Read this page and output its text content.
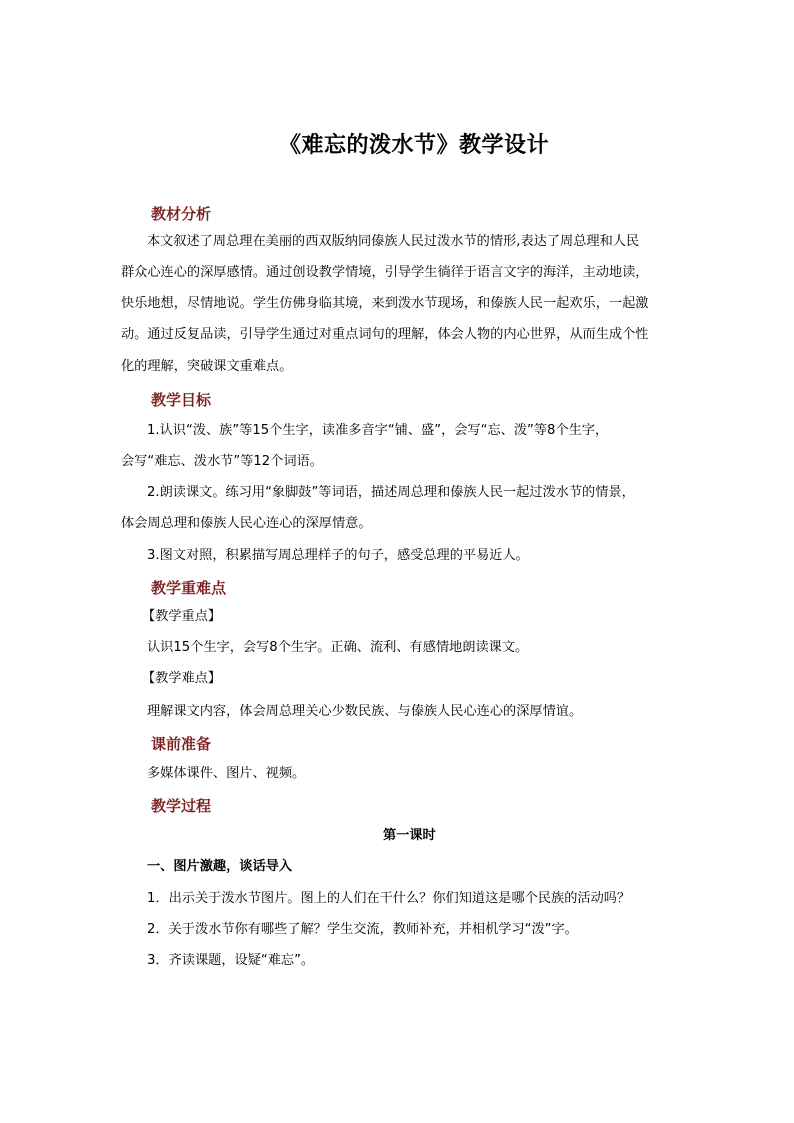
《难忘的泼水节》教学设计
教材分析
本文叙述了周总理在美丽的西双版纳同傣族人民过泼水节的情形,表达了周总理和人民
群众心连心的深厚感情。通过创设教学情境，引导学生徜徉于语言文字的海洋，主动地读，
快乐地想，尽情地说。学生仿佛身临其境，来到泼水节现场，和傣族人民一起欢乐，一起激
动。通过反复品读，引导学生通过对重点词句的理解，体会人物的内心世界，从而生成个性
化的理解，突破课文重难点。
教学目标
1.认识“泼、族”等15个生字，读准多音字“铺、盛”，会写“忘、泼”等8个生字，
会写“难忘、泼水节”等12个词语。
2.朗读课文。练习用“象脚鼓”等词语，描述周总理和傣族人民一起过泼水节的情景，
体会周总理和傣族人民心连心的深厚情意。
3.图文对照，积累描写周总理样子的句子，感受总理的平易近人。
教学重难点
【教学重点】
认识15个生字，会写8个生字。正确、流利、有感情地朗读课文。
【教学难点】
理解课文内容，体会周总理关心少数民族、与傣族人民心连心的深厚情谊。
课前准备
多媒体课件、图片、视频。
教学过程
第一课时
一、图片激趣，谈话导入
1．出示关于泼水节图片。图上的人们在干什么？你们知道这是哪个民族的活动吗？
2．关于泼水节你有哪些了解？学生交流，教师补充，并相机学习“泼”字。
3．齐读课题，设疑“难忘”。
